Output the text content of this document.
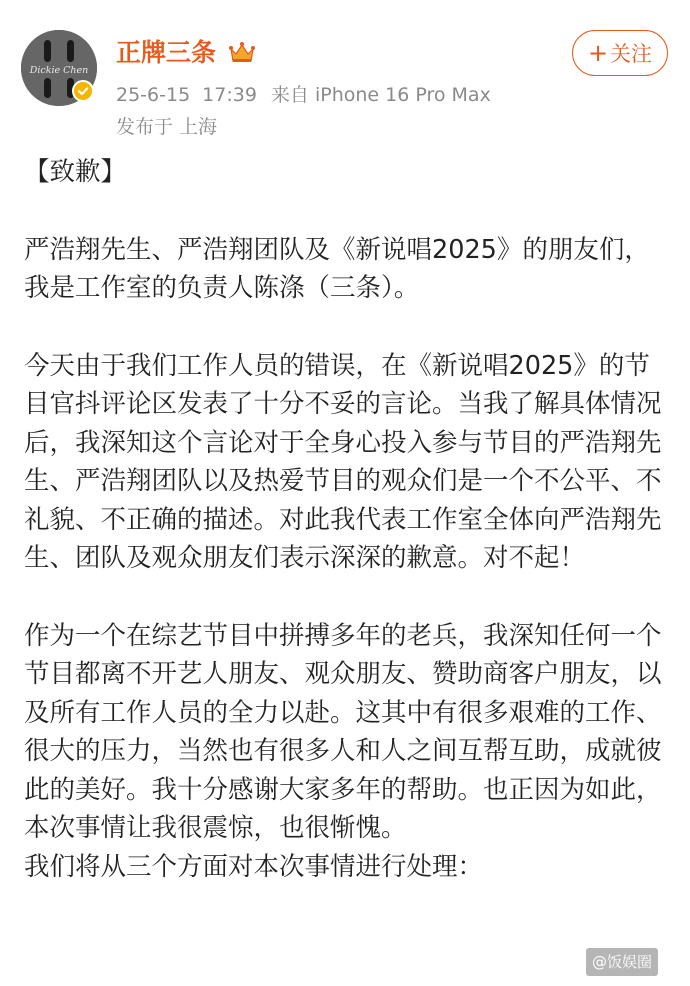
Dickie Chen
正牌三条
25-6-15 17:39 来自 iPhone 16 Pro Max
发布于 上海
+ 关注

【致歉】

严浩翔先生、严浩翔团队及《新说唱2025》的朋友们，我是工作室的负责人陈涤（三条）。

今天由于我们工作人员的错误，在《新说唱2025》的节目官抖评论区发表了十分不妥的言论。当我了解具体情况后，我深知这个言论对于全身心投入参与节目的严浩翔先生、严浩翔团队以及热爱节目的观众们是一个不公平、不礼貌、不正确的描述。对此我代表工作室全体向严浩翔先生、团队及观众朋友们表示深深的歉意。对不起！

作为一个在综艺节目中拼搏多年的老兵，我深知任何一个节目都离不开艺人朋友、观众朋友、赞助商客户朋友，以及所有工作人员的全力以赴。这其中有很多艰难的工作、很大的压力，当然也有很多人和人之间互帮互助，成就彼此的美好。我十分感谢大家多年的帮助。也正因为如此，本次事情让我很震惊，也很惭愧。

我们将从三个方面对本次事情进行处理：

@饭娱圈
